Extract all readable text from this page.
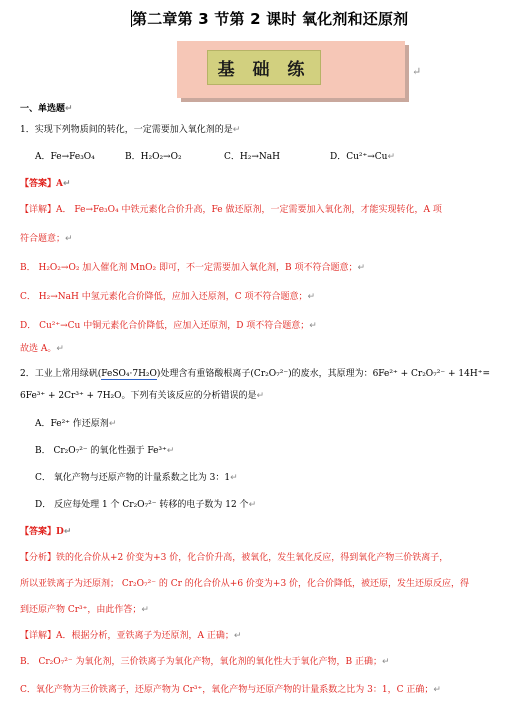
第二章第 3 节第 2 课时 氧化剂和还原剂
基 础 练	↵
一、单选题↵
1．实现下列物质间的转化，一定需要加入氧化剂的是↵
A．Fe→Fe₃O₄	B．H₂O₂→O₂	C．H₂→NaH	D．Cu²⁺→Cu↵
【答案】A↵
【详解】A． Fe→Fe₃O₄ 中铁元素化合价升高，Fe 做还原剂，一定需要加入氧化剂，才能实现转化，A 项
符合题意；↵
B． H₂O₂→O₂ 加入催化剂 MnO₂ 即可，不一定需要加入氧化剂，B 项不符合题意；↵
C． H₂→NaH 中氢元素化合价降低，应加入还原剂，C 项不符合题意；↵
D． Cu²⁺→Cu 中铜元素化合价降低，应加入还原剂，D 项不符合题意；↵
故选 A。↵
2．工业上常用绿矾(FeSO₄·7H₂O)处理含有重铬酸根离子(Cr₂O₇²⁻)的废水，其原理为：6Fe²⁺ + Cr₂O₇²⁻ + 14H⁺=
6Fe³⁺ + 2Cr³⁺ + 7H₂O。下列有关该反应的分析错误的是↵
A．Fe²⁺ 作还原剂↵
B． Cr₂O₇²⁻ 的氧化性强于 Fe³⁺↵
C． 氧化产物与还原产物的计量系数之比为 3：1↵
D． 反应每处理 1 个 Cr₂O₇²⁻ 转移的电子数为 12 个↵
【答案】D↵
【分析】铁的化合价从+2 价变为+3 价，化合价升高，被氧化，发生氧化反应，得到氧化产物三价铁离子，
所以亚铁离子为还原剂； Cr₂O₇²⁻ 的 Cr 的化合价从+6 价变为+3 价，化合价降低，被还原，发生还原反应，得
到还原产物 Cr³⁺，由此作答；↵
【详解】A．根据分析，亚铁离子为还原剂，A 正确；↵
B． Cr₂O₇²⁻ 为氧化剂，三价铁离子为氧化产物，氧化剂的氧化性大于氧化产物，B 正确；↵
C．氧化产物为三价铁离子，还原产物为 Cr³⁺，氧化产物与还原产物的计量系数之比为 3：1，C 正确；↵
